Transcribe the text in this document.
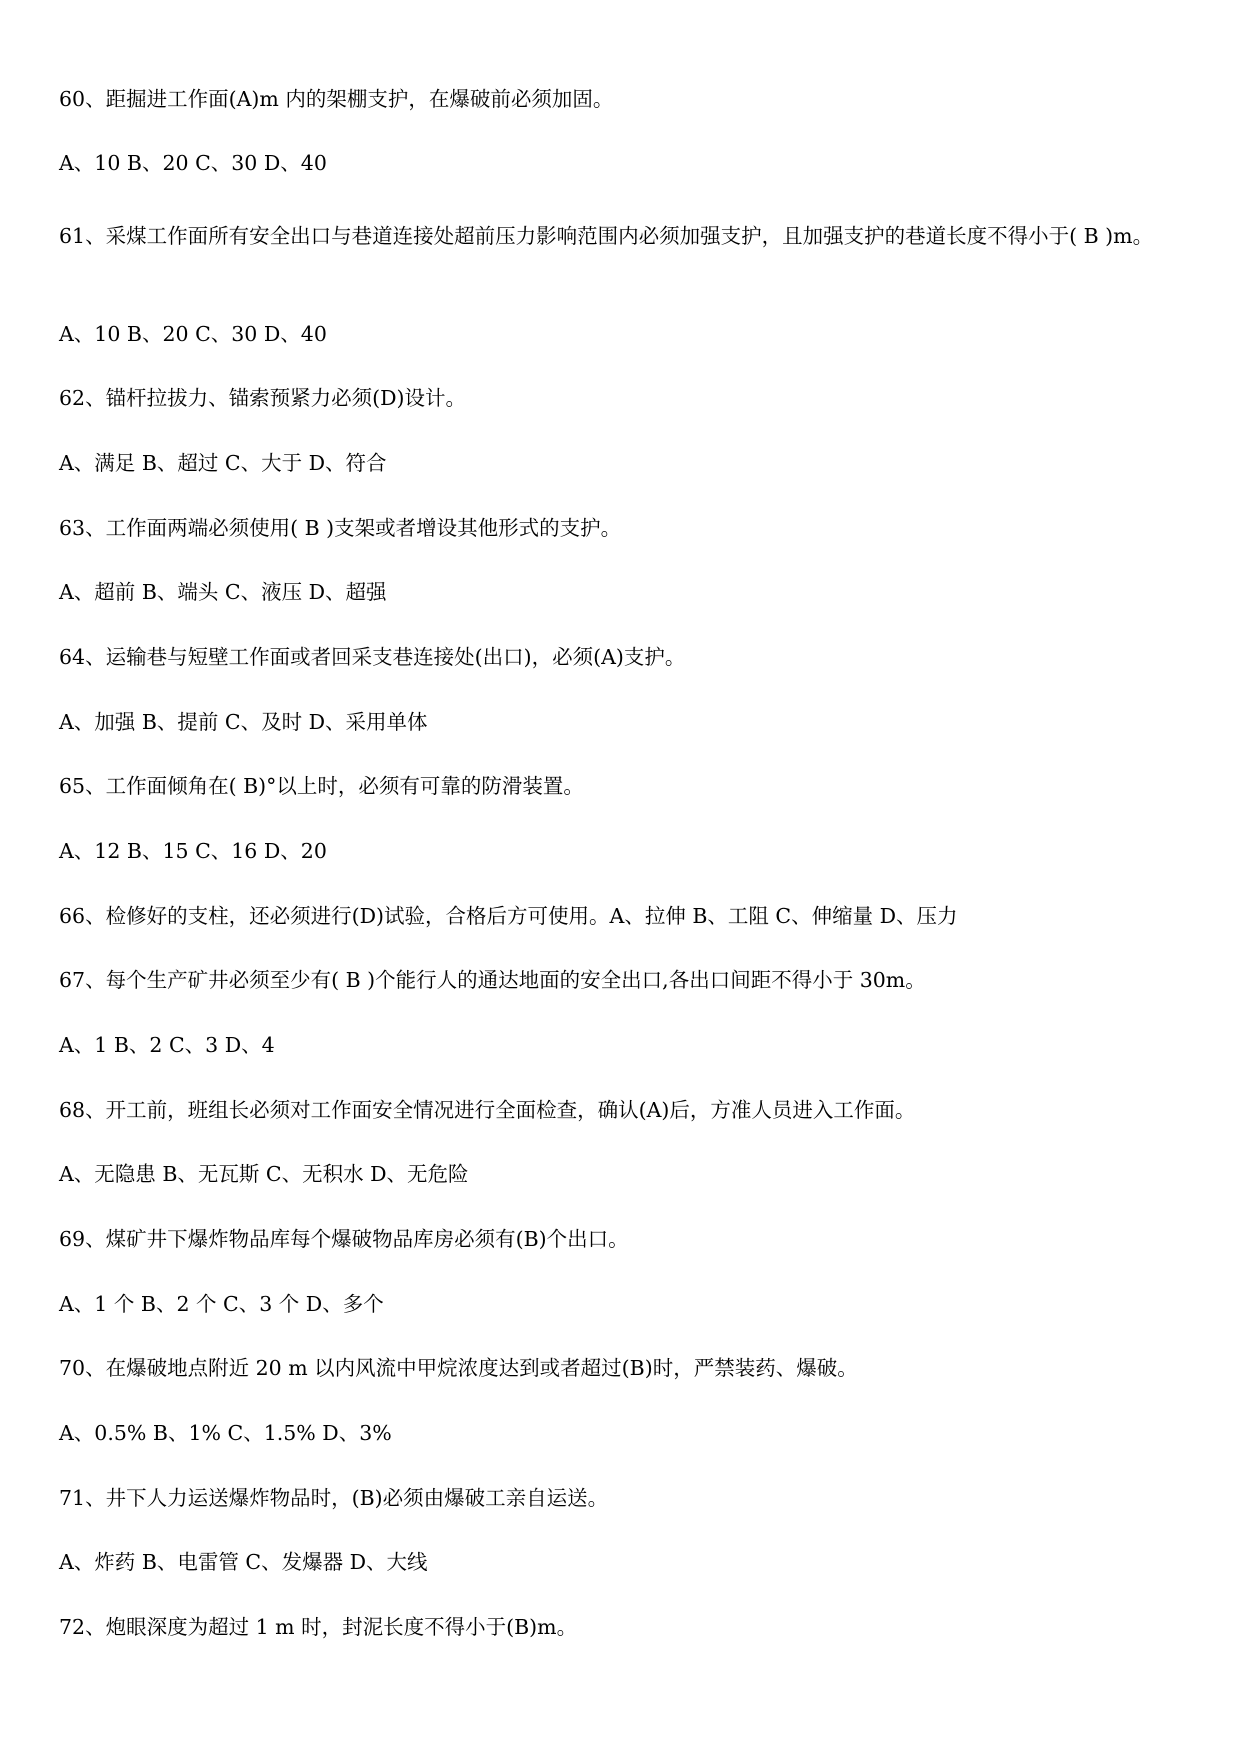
60、距掘进工作面(A)m 内的架棚支护，在爆破前必须加固。
A、10 B、20 C、30 D、40
61、采煤工作面所有安全出口与巷道连接处超前压力影响范围内必须加强支护，且加强支护的巷道长度不得小于( B )m。
A、10 B、20 C、30 D、40
62、锚杆拉拔力、锚索预紧力必须(D)设计。
A、满足 B、超过 C、大于 D、符合
63、工作面两端必须使用( B )支架或者增设其他形式的支护。
A、超前 B、端头 C、液压 D、超强
64、运输巷与短壁工作面或者回采支巷连接处(出口)，必须(A)支护。
A、加强 B、提前 C、及时 D、采用单体
65、工作面倾角在( B)°以上时，必须有可靠的防滑装置。
A、12 B、15 C、16 D、20
66、检修好的支柱，还必须进行(D)试验，合格后方可使用。A、拉伸 B、工阻 C、伸缩量 D、压力
67、每个生产矿井必须至少有( B )个能行人的通达地面的安全出口,各出口间距不得小于 30m。
A、1 B、2 C、3 D、4
68、开工前，班组长必须对工作面安全情况进行全面检查，确认(A)后，方准人员进入工作面。
A、无隐患 B、无瓦斯 C、无积水 D、无危险
69、煤矿井下爆炸物品库每个爆破物品库房必须有(B)个出口。
A、1 个 B、2 个 C、3 个 D、多个
70、在爆破地点附近 20 m 以内风流中甲烷浓度达到或者超过(B)时，严禁装药、爆破。
A、0.5% B、1% C、1.5% D、3%
71、井下人力运送爆炸物品时，(B)必须由爆破工亲自运送。
A、炸药 B、电雷管 C、发爆器 D、大线
72、炮眼深度为超过 1 m 时，封泥长度不得小于(B)m。
